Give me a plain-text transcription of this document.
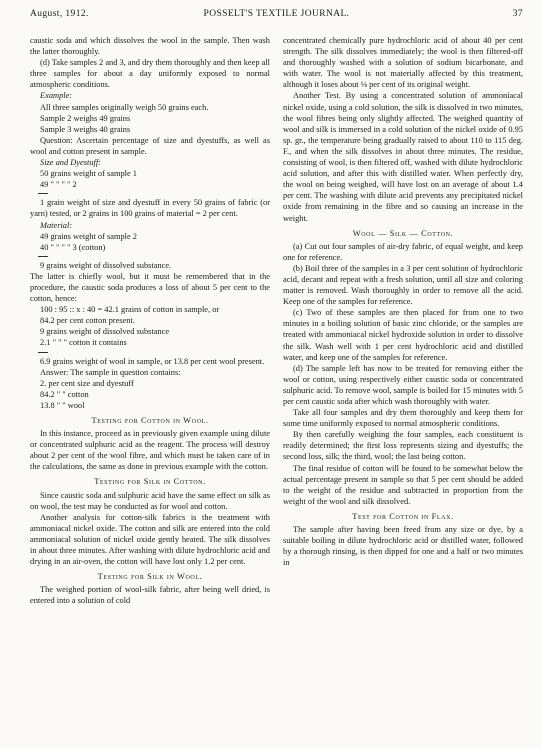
August, 1912.	POSSELT'S TEXTILE JOURNAL.	37

caustic soda and which dissolves the wool in the sample. Then wash the latter thoroughly.

(d) Take samples 2 and 3, and dry them thoroughly and then keep all three samples for about a day uniformly exposed to normal atmospheric conditions.

Example:

All three samples originally weigh 50 grains each.

Sample 2 weighs 49 grains

Sample 3 weighs 40 grains

Question: Ascertain percentage of size and dyestuffs, as well as wool and cotton present in sample.

Size and Dyestuff:

50 grains weight of sample 1

49 " " " " 2

1 grain weight of size and dyestuff in every 50 grains of fabric (or yarn) tested, or 2 grains in 100 grains of material = 2 per cent.

Material:

49 grains weight of sample 2

40 " " " " 3 (cotton)

9 grains weight of dissolved substance.

The latter is chiefly wool, but it must be remembered that in the procedure, the caustic soda produces a loss of about 5 per cent to the cotton, hence:

100 : 95 :: x : 40 = 42.1 grains of cotton in sample, or

84.2 per cent cotton present.

9 grains weight of dissolved substance

2.1 " " " cotton it contains

6.9 grains weight of wool in sample, or 13.8 per cent wool present.

Answer: The sample in question contains:

2. per cent size and dyestuff

84.2 " " cotton

13.8 " " wool

Testing for Cotton in Wool.

In this instance, proceed as in previously given example using dilute or concentrated sulphuric acid as the reagent. The process will destroy about 2 per cent of the wool fibre, and which must be taken care of in the calculations, the same as done in previous example with the cotton.

Testing for Silk in Cotton.

Since caustic soda and sulphuric acid have the same effect on silk as on wool, the test may be conducted as for wool and cotton.

Another analysis for cotton-silk fabrics is the treatment with ammoniacal nickel oxide. The cotton and silk are entered into the cold ammoniacal solution of nickel oxide gently heated. The silk dissolves in about three minutes. After washing with dilute hydrochloric acid and drying in an air-oven, the cotton will have lost only 1.2 per cent.

Testing for Silk in Wool.

The weighed portion of wool-silk fabric, after being well dried, is entered into a solution of cold

concentrated chemically pure hydrochloric acid of about 40 per cent strength. The silk dissolves immediately; the wool is then filtered-off and thoroughly washed with a solution of sodium bicarbonate, and with water. The wool is not materially affected by this treatment, although it loses about ⅛ per cent of its original weight.

Another Test. By using a concentrated solution of ammoniacal nickel oxide, using a cold solution, the silk is dissolved in two minutes, the wool fibres being only slightly affected. The weighed quantity of wool and silk is immersed in a cold solution of the nickel oxide of 0.95 sp. gr., the temperature being gradually raised to about 110 to 115 deg. F., and when the silk dissolves in about three minutes. The residue, consisting of wool, is then filtered off, washed with dilute hydrochloric acid solution, and after this with distilled water. When perfectly dry, the wool on being weighed, will have lost on an average of about 1.4 per cent. The washing with dilute acid prevents any precipitated nickel oxide from remaining in the fibre and so causing an increase in the weight.

Wool — Silk — Cotton.

(a) Cut out four samples of air-dry fabric, of equal weight, and keep one for reference.

(b) Boil three of the samples in a 3 per cent solution of hydrochloric acid, decant and repeat with a fresh solution, until all size and coloring matter is removed. Wash thoroughly in order to remove all the acid. Keep one of the samples for reference.

(c) Two of these samples are then placed for from one to two minutes in a boiling solution of basic zinc chloride, or the samples are treated with ammoniacal nickel hydroxide solution in order to dissolve the silk. Wash well with 1 per cent hydrochloric acid and distilled water, and keep one of the samples for reference.

(d) The sample left has now to be treated for removing either the wool or cotton, using respectively either caustic soda or concentrated sulphuric acid. To remove wool, sample is boiled for 15 minutes with 5 per cent caustic soda after which wash thoroughly with water.

Take all four samples and dry them thoroughly and keep them for some time uniformly exposed to normal atmospheric conditions.

By then carefully weighing the four samples, each constituent is readily determined; the first loss represents sizing and dyestuffs; the second loss, silk; the third, wool; the last being cotton.

The final residue of cotton will be found to be somewhat below the actual percentage present in sample so that 5 per cent should be added to the weight of the residue and subtracted in proportion from the weight of the wool and silk dissolved.

Test for Cotton in Flax.

The sample after having been freed from any size or dye, by a suitable boiling in dilute hydrochloric acid or distilled water, followed by a thorough rinsing, is then dipped for one and a half or two minutes in
